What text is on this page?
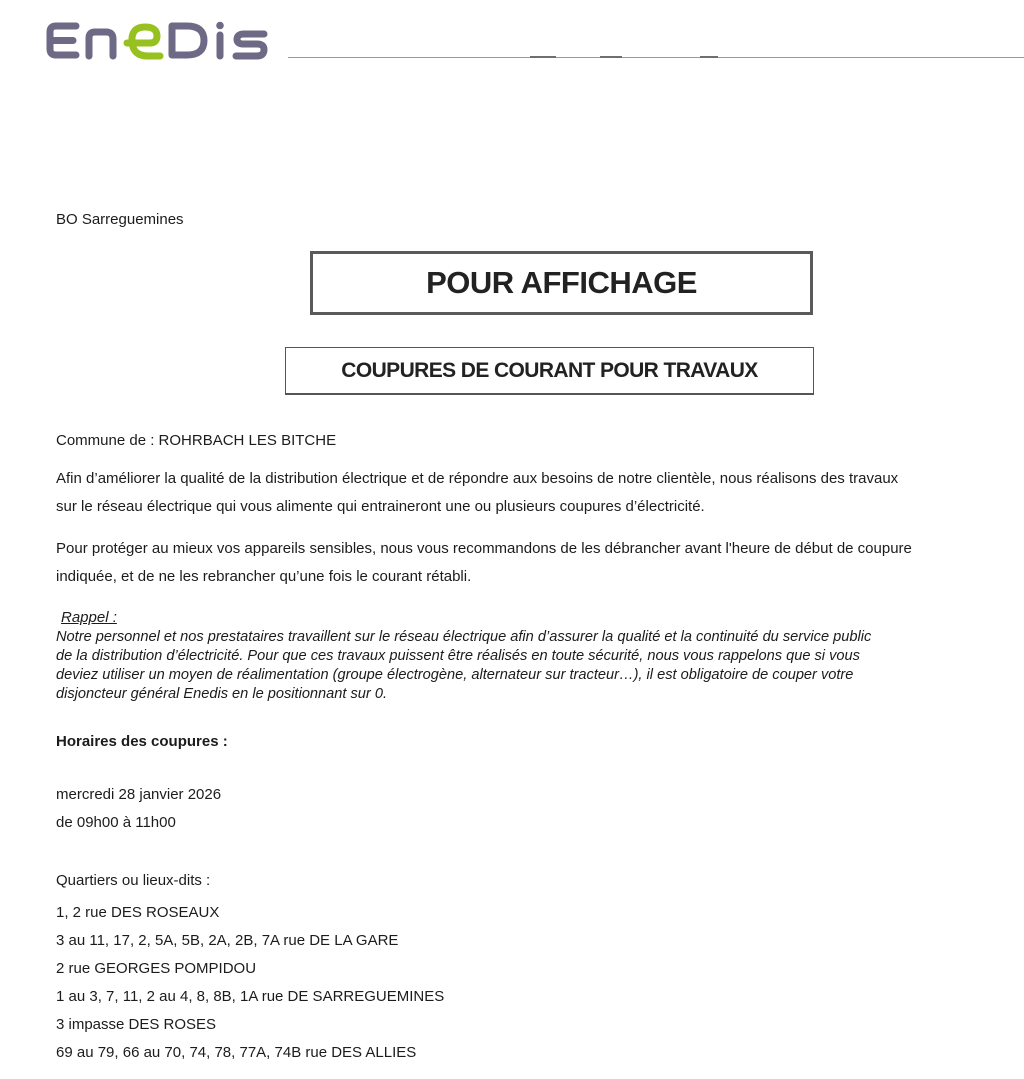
BO Sarreguemines
POUR AFFICHAGE
COUPURES DE COURANT POUR TRAVAUX
Commune de : ROHRBACH LES BITCHE
Afin d’améliorer la qualité de la distribution électrique et de répondre aux besoins de notre clientèle, nous réalisons des travaux
sur le réseau électrique qui vous alimente qui entraineront une ou plusieurs coupures d’électricité.
Pour protéger au mieux vos appareils sensibles, nous vous recommandons de les débrancher avant l'heure de début de coupure
indiquée, et de ne les rebrancher qu’une fois le courant rétabli.
Rappel :
Notre personnel et nos prestataires travaillent sur le réseau électrique afin d’assurer la qualité et la continuité du service public
de la distribution d’électricité. Pour que ces travaux puissent être réalisés en toute sécurité, nous vous rappelons que si vous
deviez utiliser un moyen de réalimentation (groupe électrogène, alternateur sur tracteur…), il est obligatoire de couper votre
disjoncteur général Enedis en le positionnant sur 0.
Horaires des coupures :
mercredi 28 janvier 2026
de 09h00 à 11h00
Quartiers ou lieux-dits :
1, 2 rue DES ROSEAUX
3 au 11, 17, 2, 5A, 5B, 2A, 2B, 7A rue DE LA GARE
2 rue GEORGES POMPIDOU
1 au 3, 7, 11, 2 au 4, 8, 8B, 1A rue DE SARREGUEMINES
3 impasse DES ROSES
69 au 79, 66 au 70, 74, 78, 77A, 74B rue DES ALLIES
